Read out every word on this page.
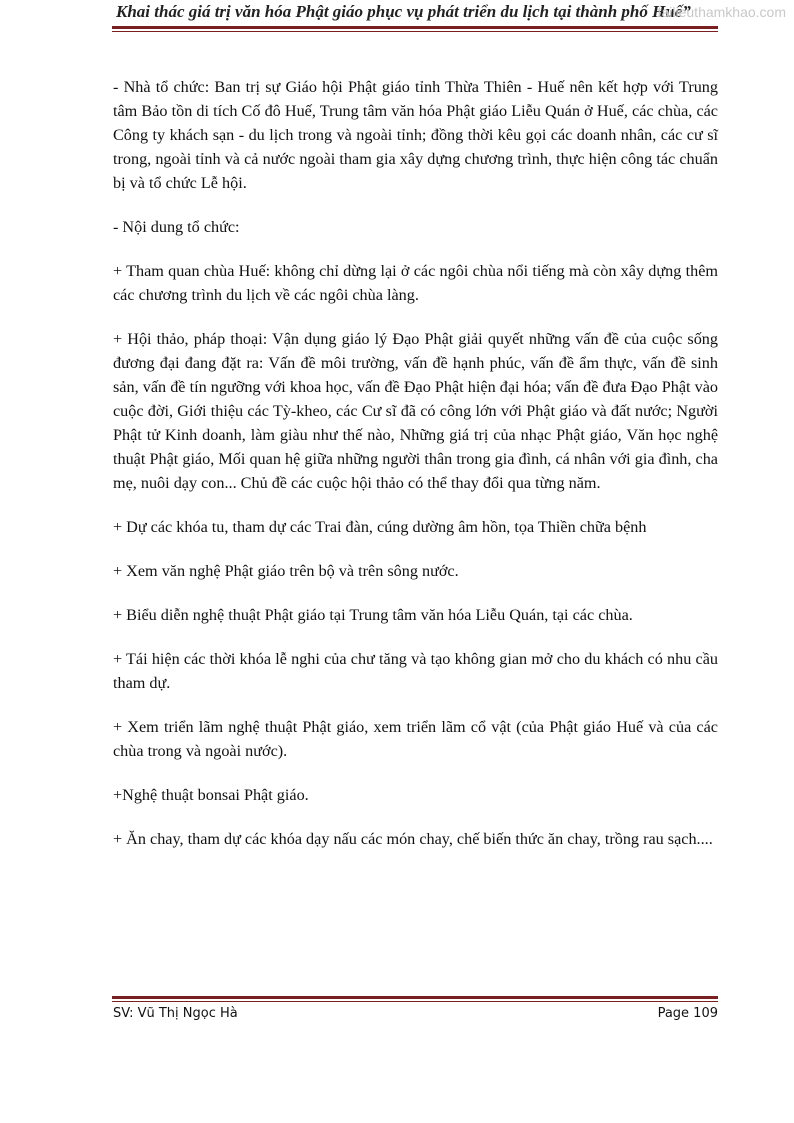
Khai thác giá trị văn hóa Phật giáo phục vụ phát triển du lịch tại thành phố Huế”
tailieuthamkhao.com

- Nhà tổ chức: Ban trị sự Giáo hội Phật giáo tỉnh Thừa Thiên - Huế nên kết hợp với Trung tâm Bảo tồn di tích Cố đô Huế, Trung tâm văn hóa Phật giáo Liễu Quán ở Huế, các chùa, các Công ty khách sạn - du lịch trong và ngoài tỉnh; đồng thời kêu gọi các doanh nhân, các cư sĩ trong, ngoài tỉnh và cả nước ngoài tham gia xây dựng chương trình, thực hiện công tác chuẩn bị và tổ chức Lễ hội.

- Nội dung tổ chức:

+ Tham quan chùa Huế: không chỉ dừng lại ở các ngôi chùa nổi tiếng mà còn xây dựng thêm các chương trình du lịch về các ngôi chùa làng.

+ Hội thảo, pháp thoại: Vận dụng giáo lý Đạo Phật giải quyết những vấn đề của cuộc sống đương đại đang đặt ra: Vấn đề môi trường, vấn đề hạnh phúc, vấn đề ẩm thực, vấn đề sinh sản, vấn đề tín ngưỡng với khoa học, vấn đề Đạo Phật hiện đại hóa; vấn đề đưa Đạo Phật vào cuộc đời, Giới thiệu các Tỳ-kheo, các Cư sĩ đã có công lớn với Phật giáo và đất nước; Người Phật tử Kinh doanh, làm giàu như thế nào, Những giá trị của nhạc Phật giáo, Văn học nghệ thuật Phật giáo, Mối quan hệ giữa những người thân trong gia đình, cá nhân với gia đình, cha mẹ, nuôi dạy con... Chủ đề các cuộc hội thảo có thể thay đổi qua từng năm.

+ Dự các khóa tu, tham dự các Trai đàn, cúng dường âm hồn, tọa Thiền chữa bệnh

+ Xem văn nghệ Phật giáo trên bộ và trên sông nước.

+ Biểu diễn nghệ thuật Phật giáo tại Trung tâm văn hóa Liễu Quán, tại các chùa.

+ Tái hiện các thời khóa lễ nghi của chư tăng và tạo không gian mở cho du khách có nhu cầu tham dự.

+ Xem triển lãm nghệ thuật Phật giáo, xem triển lãm cổ vật (của Phật giáo Huế và của các chùa trong và ngoài nước).

+Nghệ thuật bonsai Phật giáo.

+ Ăn chay, tham dự các khóa dạy nấu các món chay, chế biến thức ăn chay, trồng rau sạch....

SV: Vũ Thị Ngọc Hà	Page 109
